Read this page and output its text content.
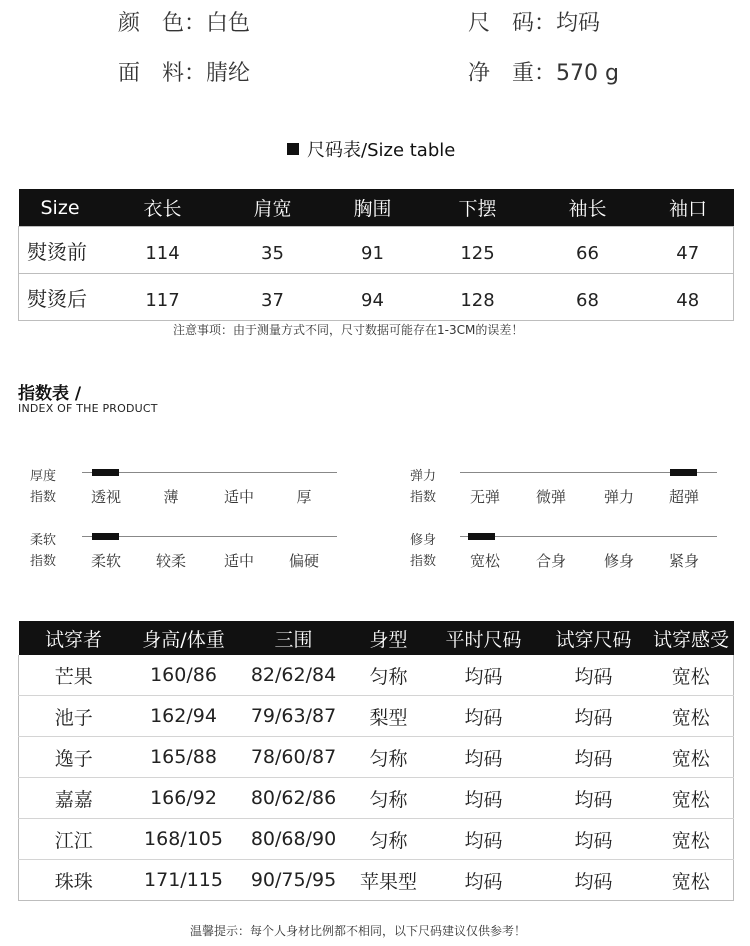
颜　色：白色	尺　码：均码
面　料：腈纶	净　重：570 g
尺码表/Size table
Size	衣长	肩宽	胸围	下摆	袖长	袖口
熨烫前	114	35	91	125	66	47
熨烫后	117	37	94	128	68	48
注意事项：由于测量方式不同，尺寸数据可能存在1-3CM的误差！
指数表 /
INDEX OF THE PRODUCT
厚度
指数	透视	薄	适中	厚
弹力
指数	无弹	微弹	弹力	超弹
柔软
指数	柔软	较柔	适中	偏硬
修身
指数	宽松	合身	修身	紧身
试穿者	身高/体重	三围	身型	平时尺码	试穿尺码	试穿感受
芒果	160/86	82/62/84	匀称	均码	均码	宽松
池子	162/94	79/63/87	梨型	均码	均码	宽松
逸子	165/88	78/60/87	匀称	均码	均码	宽松
嘉嘉	166/92	80/62/86	匀称	均码	均码	宽松
江江	168/105	80/68/90	匀称	均码	均码	宽松
珠珠	171/115	90/75/95	苹果型	均码	均码	宽松
温馨提示：每个人身材比例都不相同，以下尺码建议仅供参考！
